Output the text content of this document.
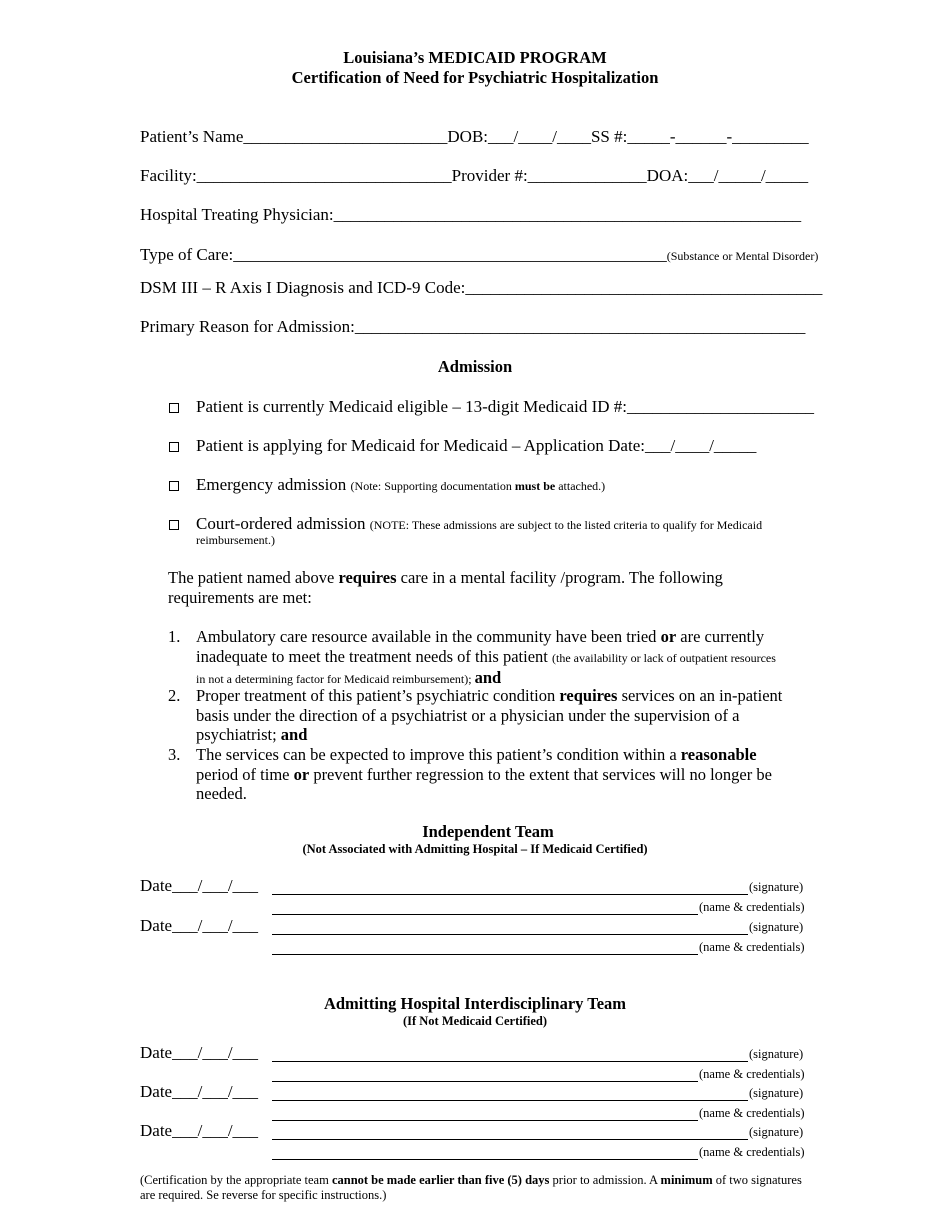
Louisiana’s MEDICAID PROGRAM
Certification of Need for Psychiatric Hospitalization
Patient’s Name________________________DOB:___/____/____SS #:_____-______-_________
Facility:______________________________Provider #:______________DOA:___/_____/_____
Hospital Treating Physician:_______________________________________________________
Type of Care:___________________________________________________(Substance or Mental Disorder)
DSM III – R Axis I Diagnosis and ICD-9 Code:__________________________________________
Primary Reason for Admission:_____________________________________________________
Admission
Patient is currently Medicaid eligible – 13-digit Medicaid ID #:______________________
Patient is applying for Medicaid for Medicaid – Application Date:___/____/_____
Emergency admission (Note: Supporting documentation must be attached.)
Court-ordered admission (NOTE: These admissions are subject to the listed criteria to qualify for Medicaid
reimbursement.)
The patient named above requires care in a mental facility /program. The following
requirements are met:
1. Ambulatory care resource available in the community have been tried or are currently
inadequate to meet the treatment needs of this patient (the availability or lack of outpatient resources
in not a determining factor for Medicaid reimbursement); and
2. Proper treatment of this patient’s psychiatric condition requires services on an in-patient
basis under the direction of a psychiatrist or a physician under the supervision of a
psychiatrist; and
3. The services can be expected to improve this patient’s condition within a reasonable
period of time or prevent further regression to the extent that services will no longer be
needed.
Independent Team
(Not Associated with Admitting Hospital – If Medicaid Certified)
Date___/___/___	(signature)
(name & credentials)
Date___/___/___	(signature)
(name & credentials)
Admitting Hospital Interdisciplinary Team
(If Not Medicaid Certified)
Date___/___/___	(signature)
(name & credentials)
Date___/___/___	(signature)
(name & credentials)
Date___/___/___	(signature)
(name & credentials)
(Certification by the appropriate team cannot be made earlier than five (5) days prior to admission. A minimum of two signatures
are required. Se reverse for specific instructions.)
